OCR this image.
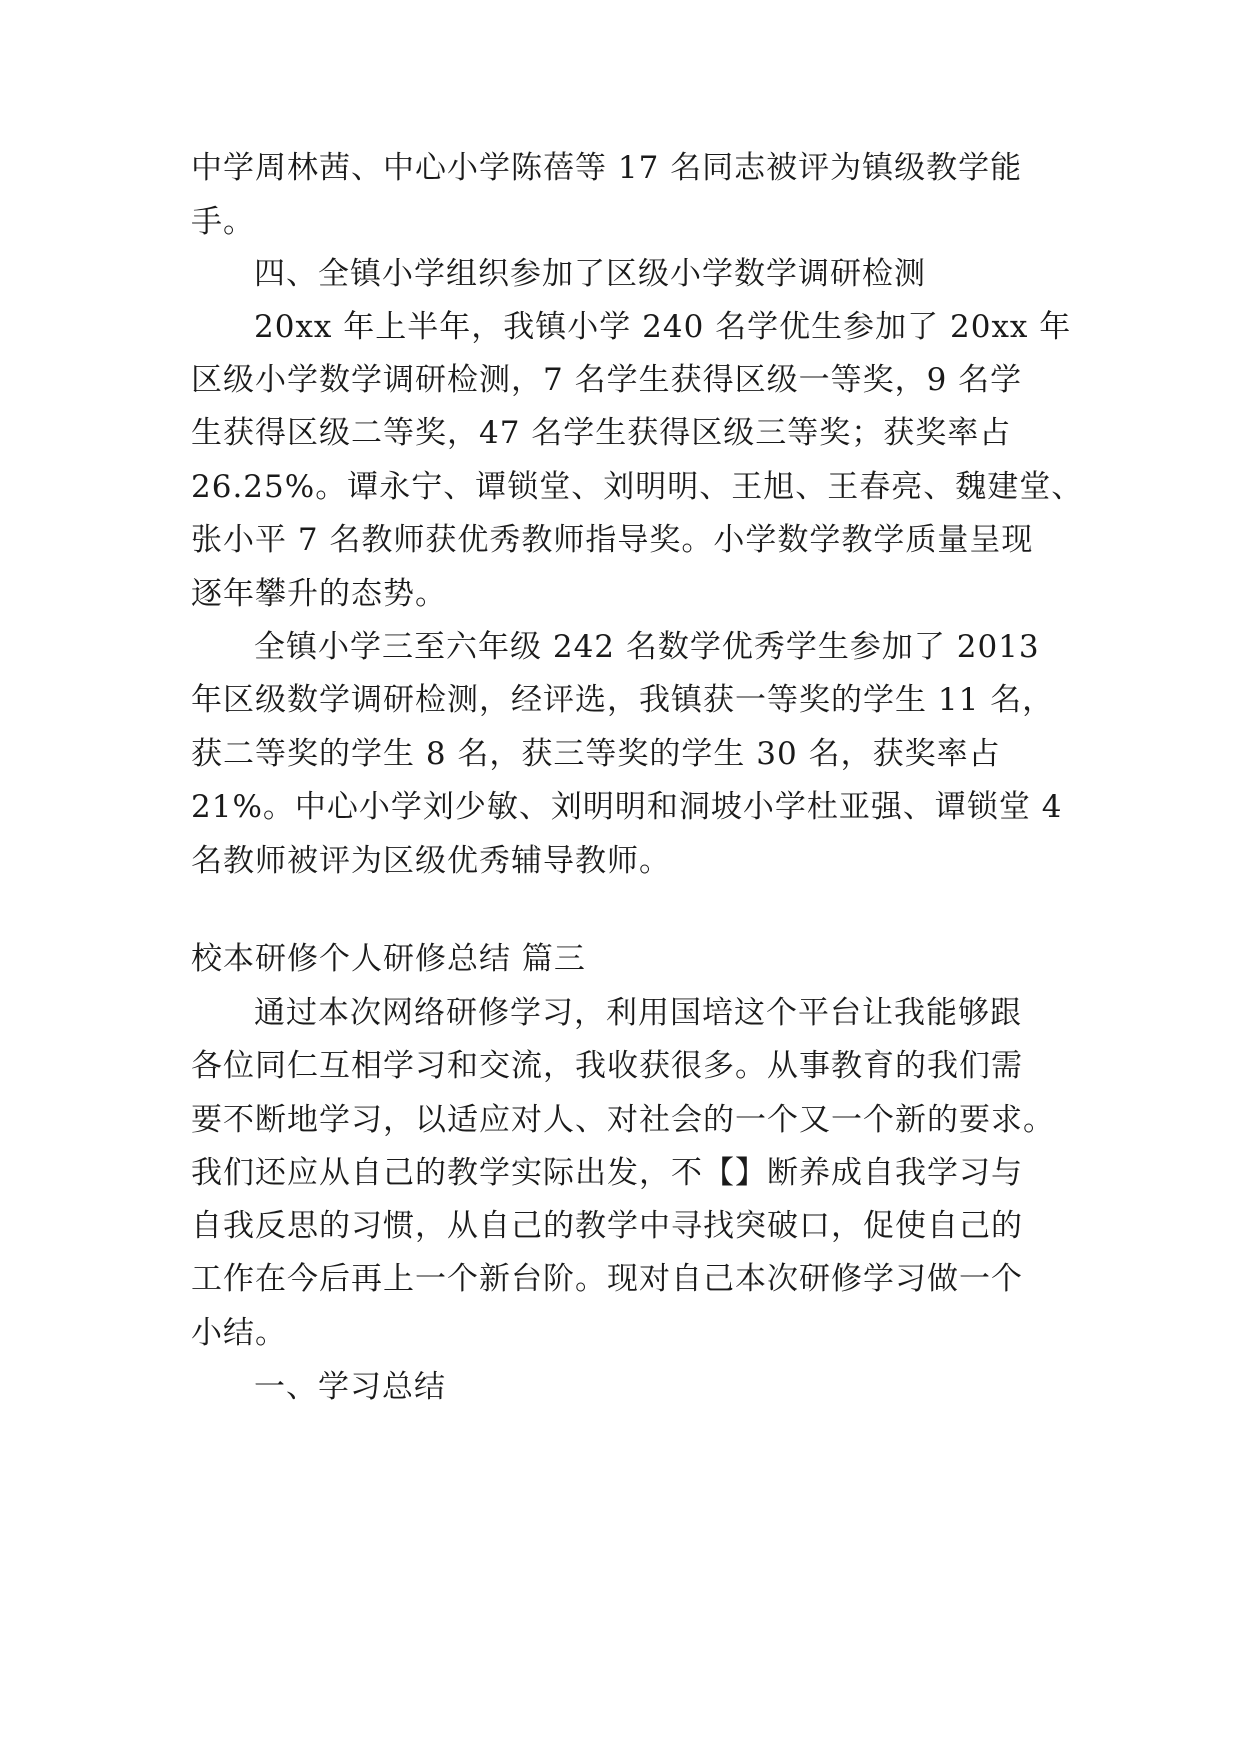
中学周林茜、中心小学陈蓓等 17 名同志被评为镇级教学能

手。

四、全镇小学组织参加了区级小学数学调研检测

20xx 年上半年，我镇小学 240 名学优生参加了 20xx 年

区级小学数学调研检测，7 名学生获得区级一等奖，9 名学

生获得区级二等奖，47 名学生获得区级三等奖；获奖率占

26.25%。谭永宁、谭锁堂、刘明明、王旭、王春亮、魏建堂、

张小平 7 名教师获优秀教师指导奖。小学数学教学质量呈现

逐年攀升的态势。

全镇小学三至六年级 242 名数学优秀学生参加了 2013

年区级数学调研检测，经评选，我镇获一等奖的学生 11 名，

获二等奖的学生 8 名，获三等奖的学生 30 名，获奖率占

21%。中心小学刘少敏、刘明明和洞坡小学杜亚强、谭锁堂 4

名教师被评为区级优秀辅导教师。

校本研修个人研修总结 篇三

通过本次网络研修学习，利用国培这个平台让我能够跟

各位同仁互相学习和交流，我收获很多。从事教育的我们需

要不断地学习，以适应对人、对社会的一个又一个新的要求。

我们还应从自己的教学实际出发，不【】断养成自我学习与

自我反思的习惯，从自己的教学中寻找突破口，促使自己的

工作在今后再上一个新台阶。现对自己本次研修学习做一个

小结。

一、学习总结
